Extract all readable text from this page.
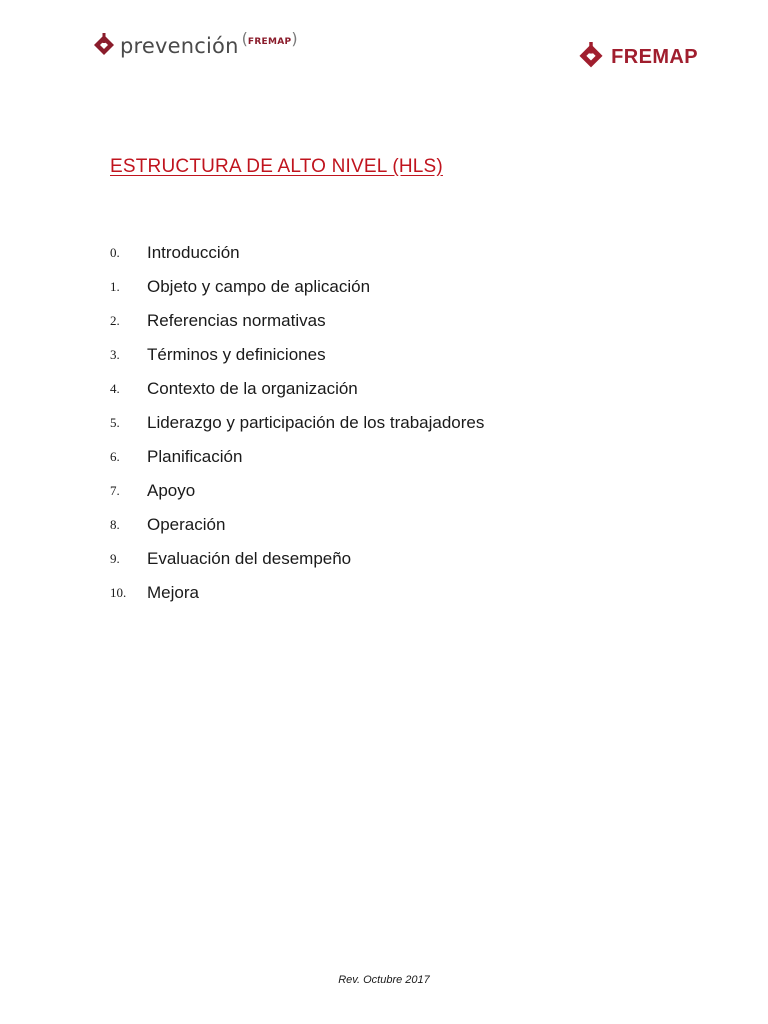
prevención (FREMAP)
FREMAP
ESTRUCTURA DE ALTO NIVEL (HLS)
0.	Introducción
1.	Objeto y campo de aplicación
2.	Referencias normativas
3.	Términos y definiciones
4.	Contexto de la organización
5.	Liderazgo y participación de los trabajadores
6.	Planificación
7.	Apoyo
8.	Operación
9.	Evaluación del desempeño
10.	Mejora
Rev. Octubre 2017
